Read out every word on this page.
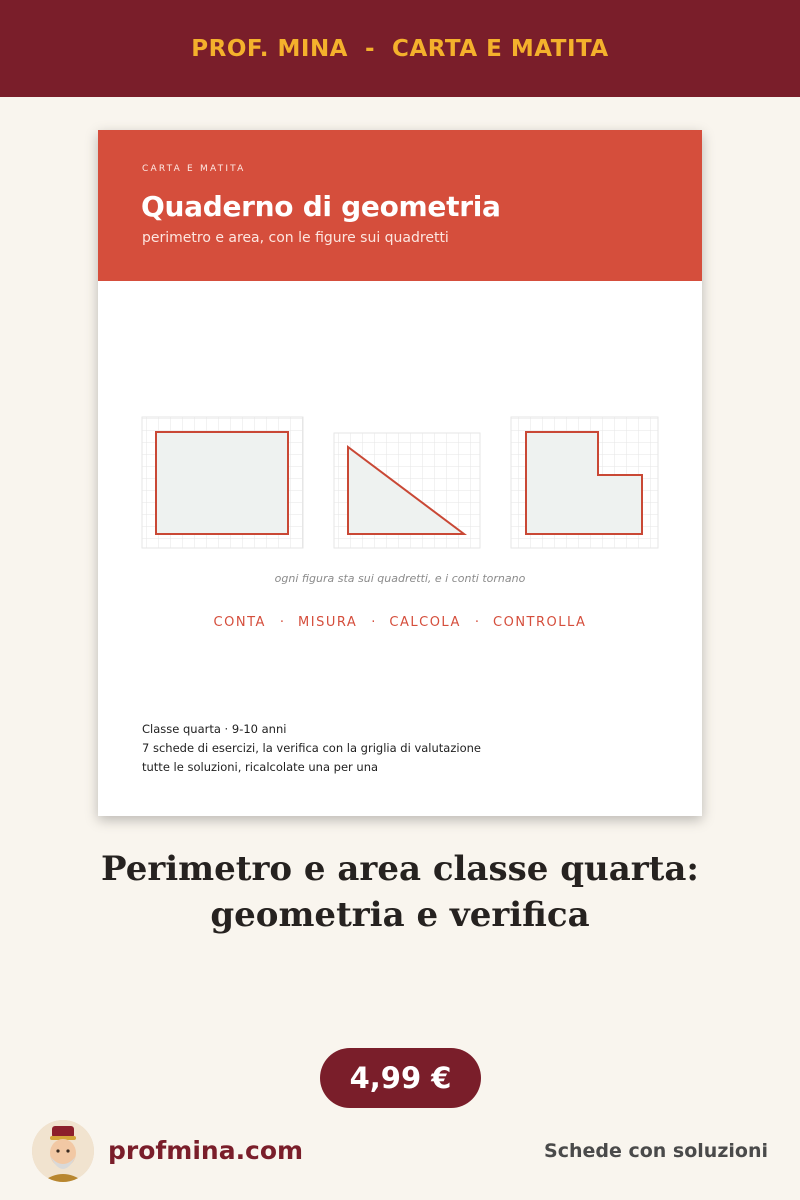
PROF. MINA  -  CARTA E MATITA
CARTA E MATITA
Quaderno di geometria
perimetro e area, con le figure sui quadretti
ogni figura sta sui quadretti, e i conti tornano
CONTA · MISURA · CALCOLA · CONTROLLA
Classe quarta · 9-10 anni
7 schede di esercizi, la verifica con la griglia di valutazione
tutte le soluzioni, ricalcolate una per una
Perimetro e area classe quarta:
geometria e verifica
4,99 €
profmina.com	Schede con soluzioni
